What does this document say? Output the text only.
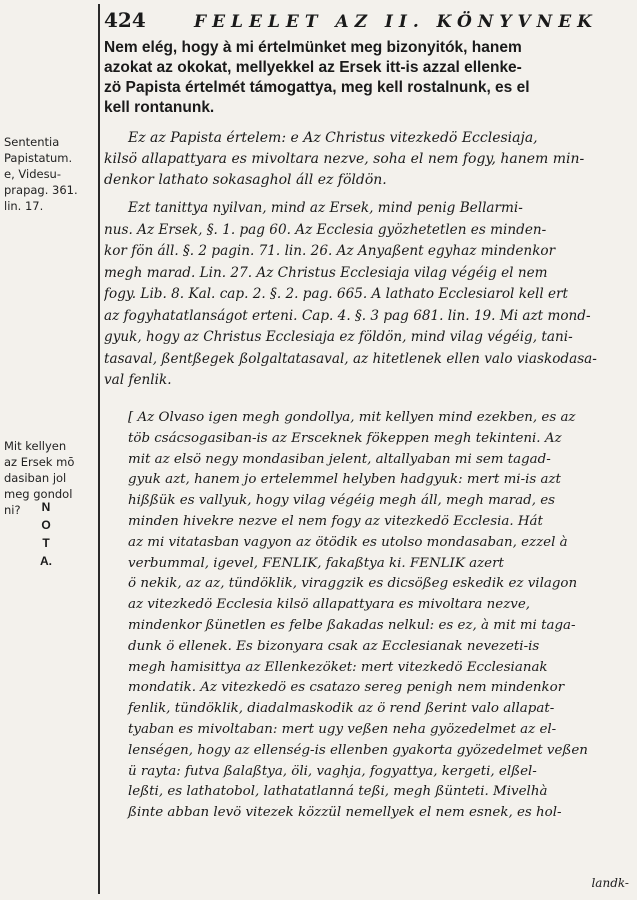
424	FELELET AZ II. KÖNYVNEK
Sententia
Papistatum.
e, Videsu-
prapag. 361.
lin. 17.
Mit kellyen
az Ersek mō
dasiban jol
meg gondol
ni?	N
O
T
A.
Nem elég, hogy à mi értelmünket meg bizonyitók, hanem
azokat az okokat, mellyekkel az Ersek itt-is azzal ellenke-
zö Papista értelmét támogattya, meg kell rostalnunk, es el
kell rontanunk.
Ez az Papista értelem: e Az Christus vitezkedö Ecclesiaja,
kilsö allapattyara es mivoltara nezve, soha el nem fogy, hanem min-
denkor lathato sokasaghol áll ez földön.
Ezt tanittya nyilvan, mind az Ersek, mind penig Bellarmi-
nus. Az Ersek, §. 1. pag 60. Az Ecclesia gyözhetetlen es minden-
kor fön áll. §. 2 pagin. 71. lin. 26. Az Anyaßent egyhaz mindenkor
megh marad. Lin. 27. Az Christus Ecclesiaja vilag végéig el nem
fogy. Lib. 8. Kal. cap. 2. §. 2. pag. 665. A lathato Ecclesiarol kell ert
az fogyhatatlanságot erteni. Cap. 4. §. 3 pag 681. lin. 19. Mi azt mond-
gyuk, hogy az Christus Ecclesiaja ez földön, mind vilag végéig, tani-
tasaval, ßentßegek ßolgaltatasaval, az hitetlenek ellen valo viaskodasa-
val fenlik.
[ Az Olvaso igen megh gondollya, mit kellyen mind ezekben, es az
töb csácsogasiban-is az Ersceknek fökeppen megh tekinteni. Az
mit az elsö negy mondasiban jelent, altallyaban mi sem tagad-
gyuk azt, hanem jo ertelemmel helyben hadgyuk: mert mi-is azt
hißßük es vallyuk, hogy vilag végéig megh áll, megh marad, es
minden hivekre nezve el nem fogy az vitezkedö Ecclesia. Hát
az mi vitatasban vagyon az ötödik es utolso mondasaban, ezzel à
verbummal, igevel, FENLIK, fakaßtya ki. FENLIK azert
ö nekik, az az, tündöklik, viraggzik es dicsößeg eskedik ez vilagon
az vitezkedö Ecclesia kilsö allapattyara es mivoltara nezve,
mindenkor ßünetlen es felbe ßakadas nelkul: es ez, à mit mi taga-
dunk ö ellenek. Es bizonyara csak az Ecclesianak nevezeti-is
megh hamisittya az Ellenkezöket: mert vitezkedö Ecclesianak
mondatik. Az vitezkedö es csatazo sereg penigh nem mindenkor
fenlik, tündöklik, diadalmaskodik az ö rend ßerint valo allapat-
tyaban es mivoltaban: mert ugy veßen neha gyözedelmet az el-
lenségen, hogy az ellenség-is ellenben gyakorta gyözedelmet veßen
ü rayta: futva ßalaßtya, öli, vaghja, fogyattya, kergeti, elßel-
leßti, es lathatobol, lathatatlanná teßi, megh ßünteti. Mivelhà
ßinte abban levö vitezek közzül nemellyek el nem esnek, es hol-
landk-
